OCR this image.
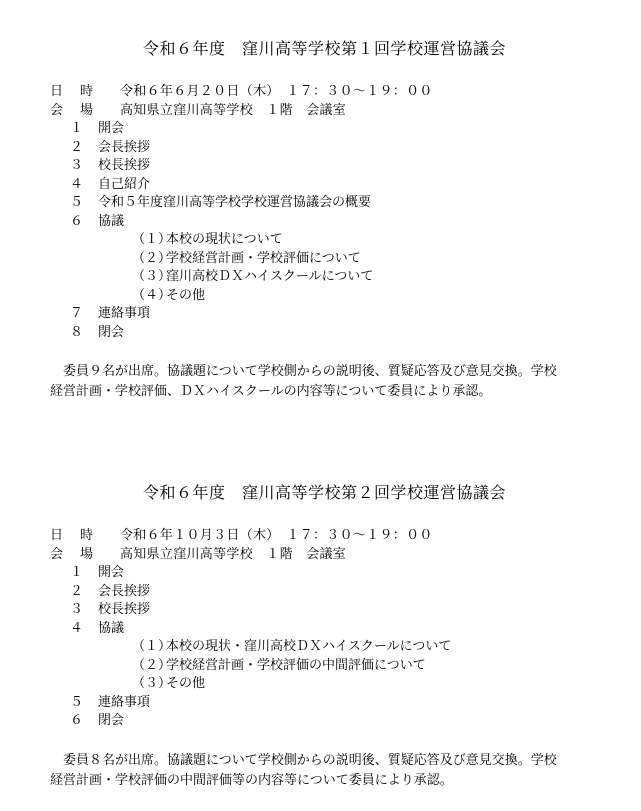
令和６年度　窪川高等学校第１回学校運営協議会
日　時 令和６年６月２０日（木）　１７：３０～１９：００
会　場 高知県立窪川高等学校　１階　会議室
１ 開会
２ 会長挨拶
３ 校長挨拶
４ 自己紹介
５ 令和５年度窪川高等学校学校運営協議会の概要
６ 協議
（１）
本校の現状について
（２）
学校経営計画・学校評価について
（３）
窪川高校ＤＸハイスクールについて
（４）
その他
７ 連絡事項
８ 閉会

委員９名が出席。協議題について学校側からの説明後、質疑応答及び意見交換。学校

経営計画・学校評価、ＤＸハイスクールの内容等について委員により承認。

令和６年度　窪川高等学校第２回学校運営協議会
日　時 令和６年１０月３日（木）　１７：３０～１９：００
会　場 高知県立窪川高等学校　１階　会議室
１ 開会
２ 会長挨拶
３ 校長挨拶
４ 協議
（１）
本校の現状・窪川高校ＤＸハイスクールについて
（２）
学校経営計画・学校評価の中間評価について
（３）
その他
５ 連絡事項
６ 閉会

委員８名が出席。協議題について学校側からの説明後、質疑応答及び意見交換。学校

経営計画・学校評価の中間評価等の内容等について委員により承認。
